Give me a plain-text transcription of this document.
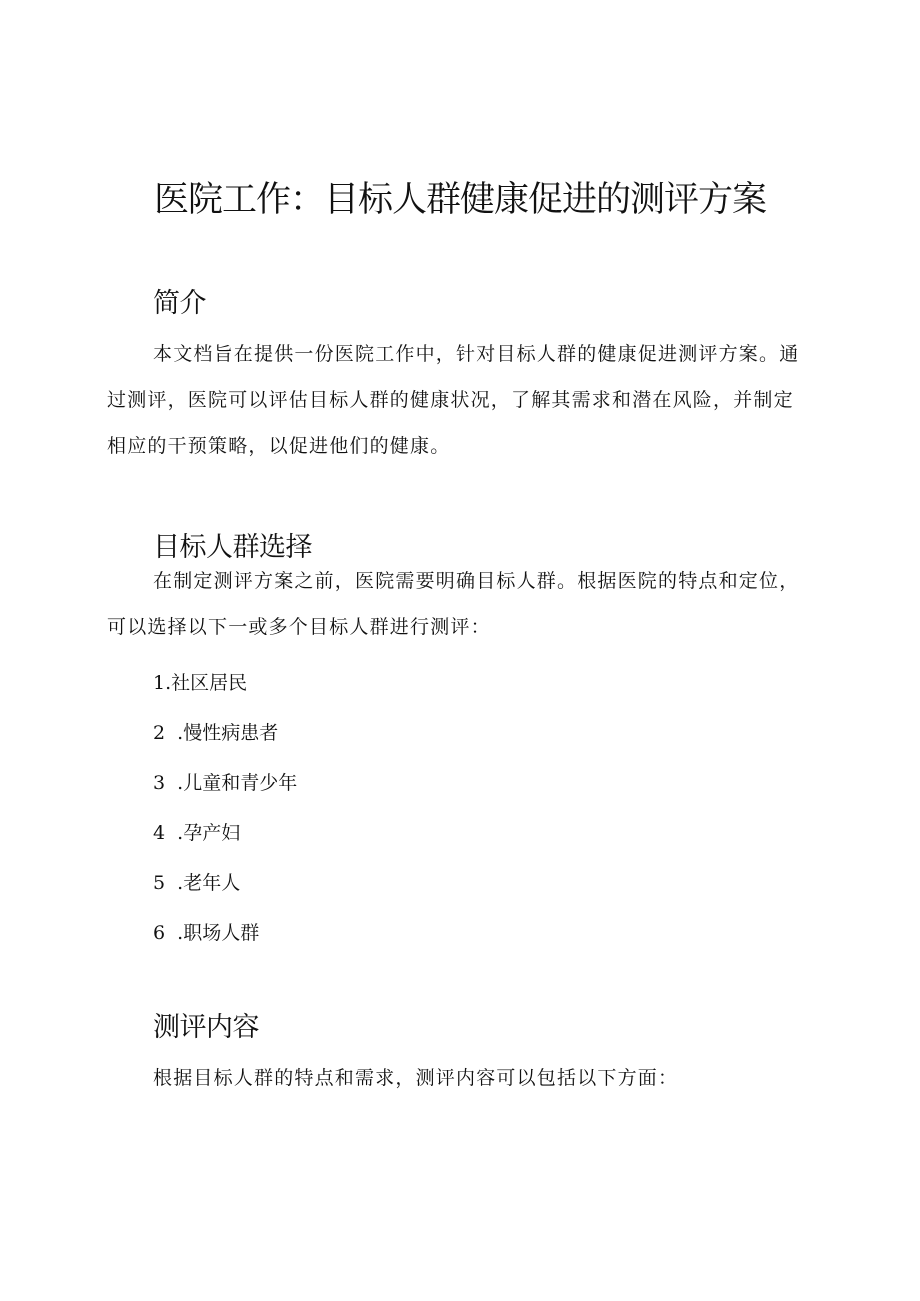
医院工作：目标人群健康促进的测评方案
简介

本文档旨在提供一份医院工作中，针对目标人群的健康促进测评方案。通过测评，医院可以评估目标人群的健康状况，了解其需求和潜在风险，并制定相应的干预策略，以促进他们的健康。

目标人群选择

在制定测评方案之前，医院需要明确目标人群。根据医院的特点和定位，可以选择以下一或多个目标人群进行测评：

1.社区居民
2  .慢性病患者
3  .儿童和青少年
4  .孕产妇
5  .老年人
6  .职场人群
测评内容

根据目标人群的特点和需求，测评内容可以包括以下方面：
